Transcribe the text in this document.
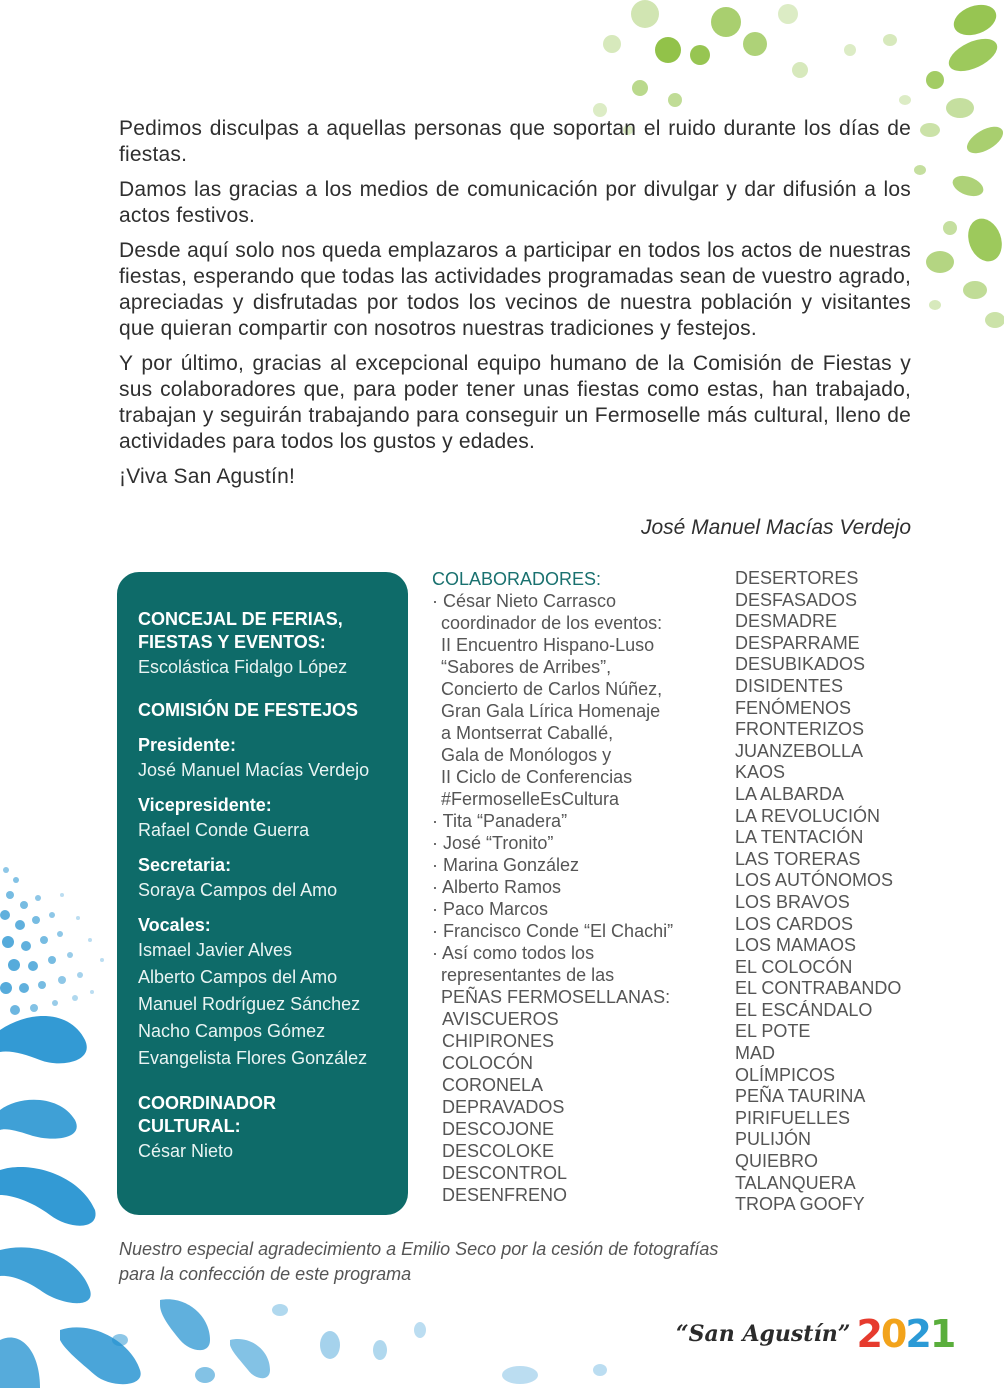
Pedimos disculpas a aquellas personas que soportan el ruido durante los días de fiestas.

Damos las gracias a los medios de comunicación por divulgar y dar difusión a los actos festivos.

Desde aquí solo nos queda emplazaros a participar en todos los actos de nuestras fiestas, esperando que todas las actividades programadas sean de vuestro agrado, apreciadas y disfrutadas por todos los vecinos de nuestra población y visitantes que quieran compartir con nosotros nuestras tradiciones y festejos.

Y por último, gracias al excepcional equipo humano de la Comisión de Fiestas y sus colaboradores que, para poder tener unas fiestas como estas, han trabajado, trabajan y seguirán trabajando para conseguir un Fermoselle más cultural, lleno de actividades para todos los gustos y edades.

¡Viva San Agustín!

José Manuel Macías Verdejo
CONCEJAL DE FERIAS,
FIESTAS Y EVENTOS:
Escolástica Fidalgo López
COMISIÓN DE FESTEJOS
Presidente:
José Manuel Macías Verdejo
Vicepresidente:
Rafael Conde Guerra
Secretaria:
Soraya Campos del Amo
Vocales:
Ismael Javier Alves
Alberto Campos del Amo
Manuel Rodríguez Sánchez
Nacho Campos Gómez
Evangelista Flores González
COORDINADOR
CULTURAL:
César Nieto
COLABORADORES:
· César Nieto Carrasco
coordinador de los eventos:
II Encuentro Hispano-Luso
“Sabores de Arribes”,
Concierto de Carlos Núñez,
Gran Gala Lírica Homenaje
a Montserrat Caballé,
Gala de Monólogos y
II Ciclo de Conferencias
#FermoselleEsCultura
· Tita “Panadera”
· José “Tronito”
· Marina González
· Alberto Ramos
· Paco Marcos
· Francisco Conde “El Chachi”
· Así como todos los
representantes de las
PEÑAS FERMOSELLANAS:
AVISCUEROS
CHIPIRONES
COLOCÓN
CORONELA
DEPRAVADOS
DESCOJONE
DESCOLOKE
DESCONTROL
DESENFRENO
DESERTORES
DESFASADOS
DESMADRE
DESPARRAME
DESUBIKADOS
DISIDENTES
FENÓMENOS
FRONTERIZOS
JUANZEBOLLA
KAOS
LA ALBARDA
LA REVOLUCIÓN
LA TENTACIÓN
LAS TORERAS
LOS AUTÓNOMOS
LOS BRAVOS
LOS CARDOS
LOS MAMAOS
EL COLOCÓN
EL CONTRABANDO
EL ESCÁNDALO
EL POTE
MAD
OLÍMPICOS
PEÑA TAURINA
PIRIFUELLES
PULIJÓN
QUIEBRO
TALANQUERA
TROPA GOOFY
Nuestro especial agradecimiento a Emilio Seco por la cesión de fotografías
para la confección de este programa
“San Agustín” 2021
